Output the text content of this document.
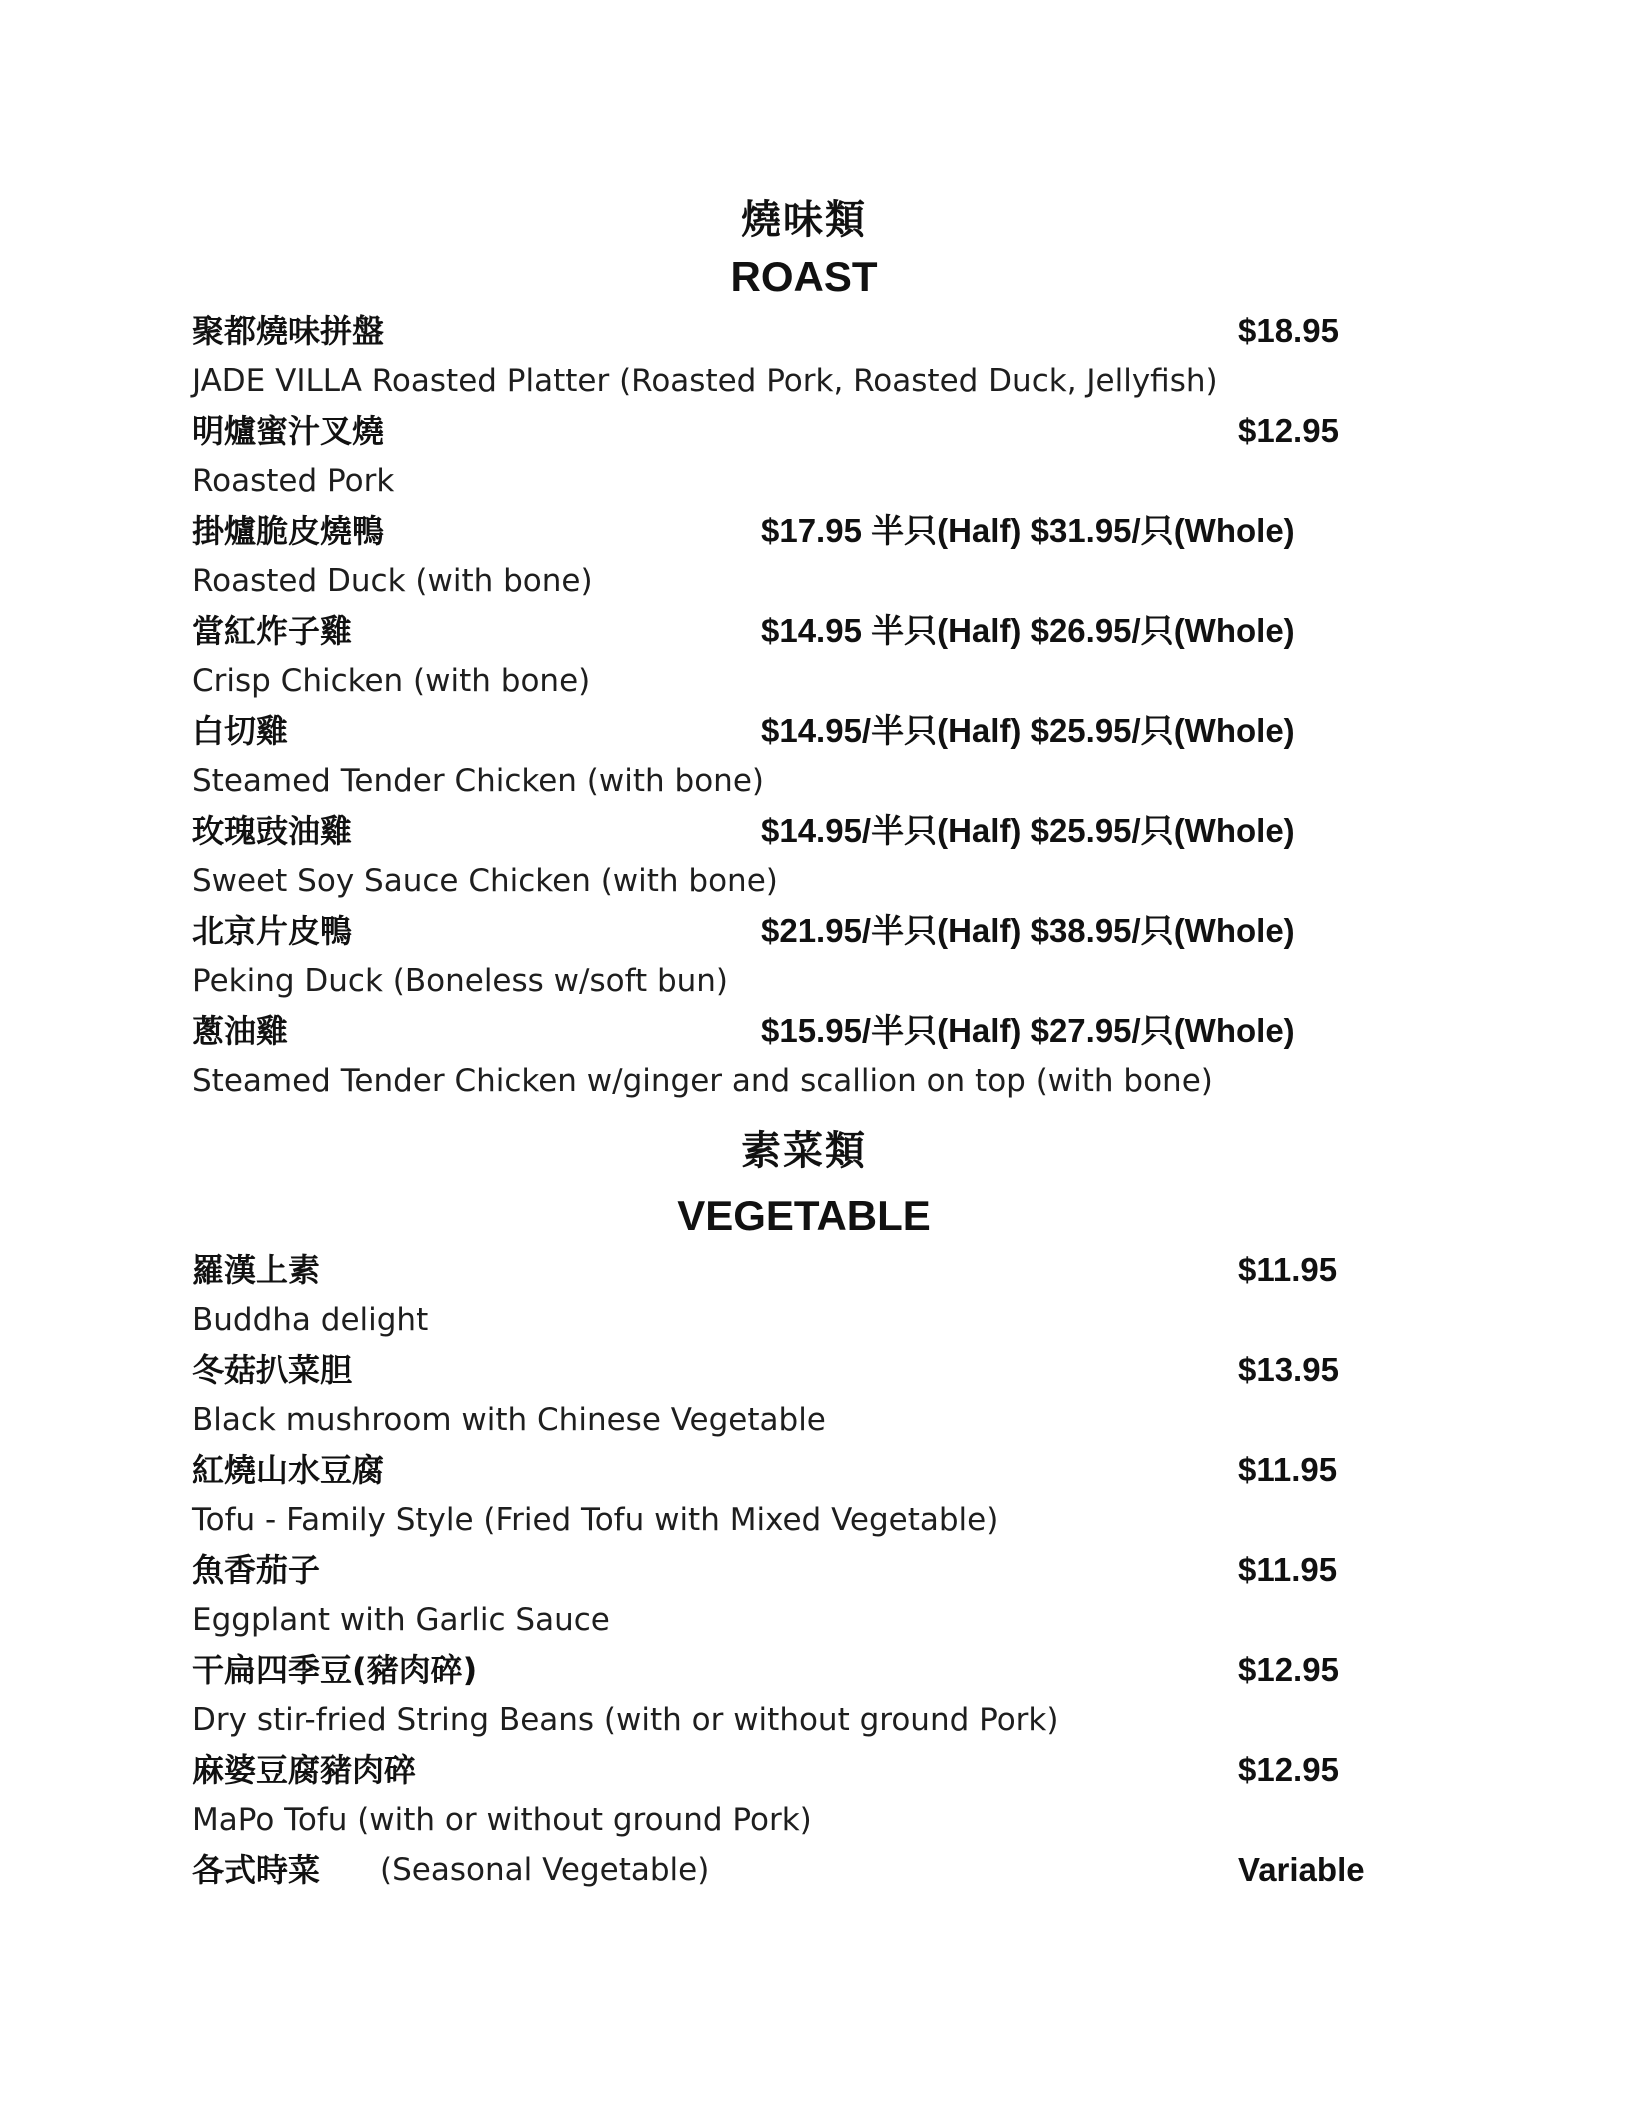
燒味類
ROAST
聚都燒味拼盤	$18.95
JADE VILLA Roasted Platter (Roasted Pork, Roasted Duck, Jellyfish)
明爐蜜汁叉燒	$12.95
Roasted Pork
掛爐脆皮燒鴨	$17.95 半只(Half) $31.95/只(Whole)
Roasted Duck (with bone)
當紅炸子雞	$14.95 半只(Half) $26.95/只(Whole)
Crisp Chicken (with bone)
白切雞	$14.95/半只(Half) $25.95/只(Whole)
Steamed Tender Chicken (with bone)
玫瑰豉油雞	$14.95/半只(Half) $25.95/只(Whole)
Sweet Soy Sauce Chicken (with bone)
北京片皮鴨	$21.95/半只(Half) $38.95/只(Whole)
Peking Duck (Boneless w/soft bun)
蔥油雞	$15.95/半只(Half) $27.95/只(Whole)
Steamed Tender Chicken w/ginger and scallion on top (with bone)
素菜類
VEGETABLE
羅漢上素	$11.95
Buddha delight
冬菇扒菜胆	$13.95
Black mushroom with Chinese Vegetable
紅燒山水豆腐	$11.95
Tofu - Family Style (Fried Tofu with Mixed Vegetable)
魚香茄子	$11.95
Eggplant with Garlic Sauce
干扁四季豆(豬肉碎)	$12.95
Dry stir-fried String Beans (with or without ground Pork)
麻婆豆腐豬肉碎	$12.95
MaPo Tofu (with or without ground Pork)
各式時菜 (Seasonal Vegetable)	Variable
